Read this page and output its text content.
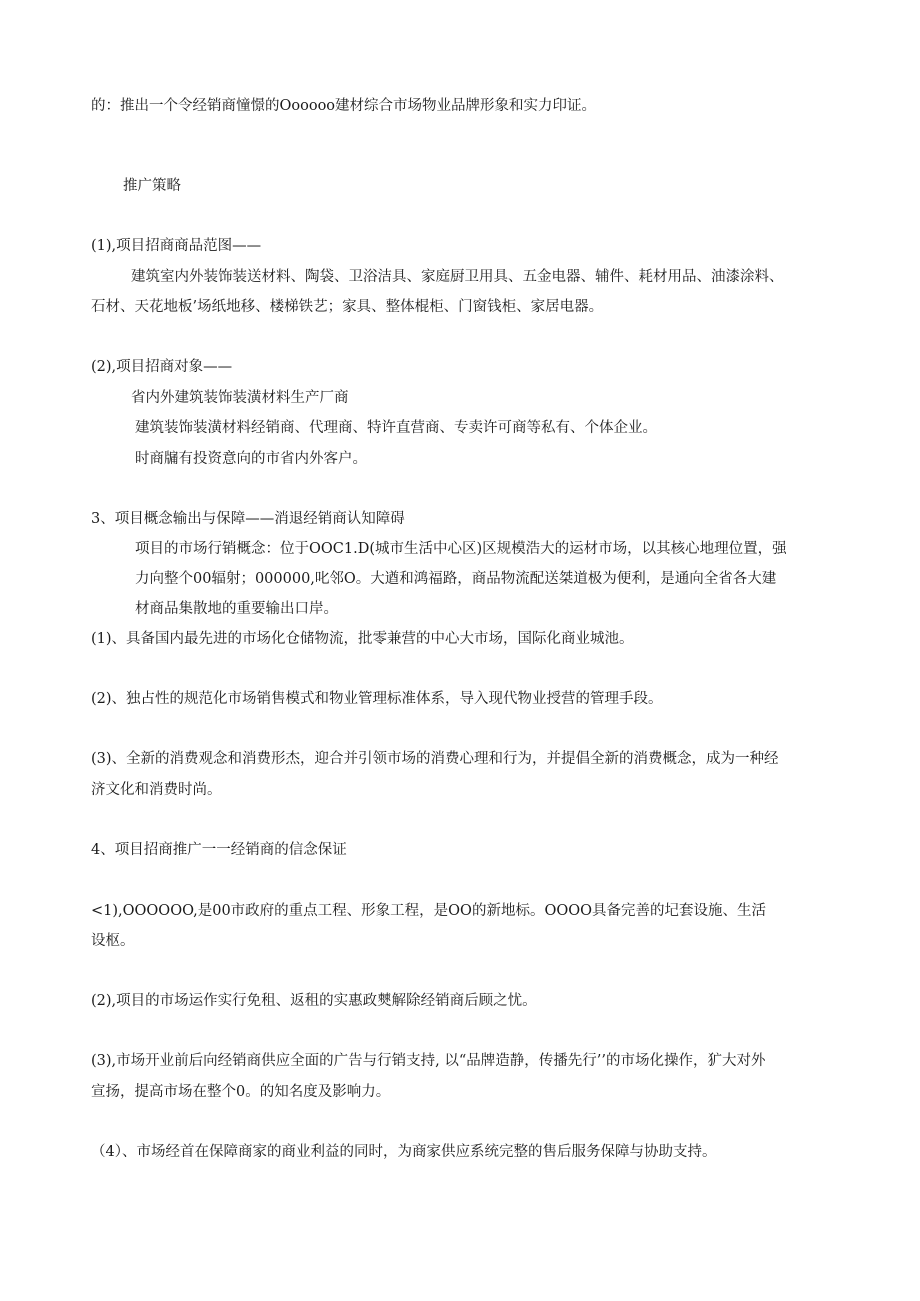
的：推出一个令经销商憧憬的Oooooo建材综合市场物业品牌形象和实力印证。
推广策略
(1),项目招商商品范图——
建筑室内外装饰装送材料、陶袋、卫浴洁具、家庭厨卫用具、五金电器、辅件、耗材用品、油漆涂料、
石材、天花地板’场纸地移、楼梯铁艺；家具、整体棍柜、门窗钱柜、家居电器。
(2),项目招商对象——
省内外建筑装饰装潢材料生产厂商
建筑装饰装潢材料经销商、代理商、特许直营商、专卖许可商等私有、个体企业。
时商牖有投资意向的市省内外客户。
3、项目概念输出与保障——消退经销商认知障碍
项目的市场行销概念：位于OOC1.D(城市生活中心区)区规模浩大的运材市场，以其核心地理位置，强
力向整个00辐射；000000,叱邻O。大遒和鸿福路，商品物流配送桀道极为便利，是通向全省各大建
材商品集散地的重要输出口岸。
(1)、具备国内最先进的市场化仓储物流，批零兼营的中心大市场，国际化商业城池。
(2)、独占性的规范化市场销售模式和物业管理标准体系，导入现代物业授营的管理手段。
(3)、全新的消费观念和消费形杰，迎合并引领市场的消费心理和行为，并提倡全新的消费概念，成为一种经
济文化和消费时尚。
4、项目招商推广一一经销商的信念保证
<1),OOOOOO,是00市政府的重点工程、形象工程，是OO的新地标。OOOO具备完善的圮套设施、生活
设枢。
(2),项目的市场运作实行免租、返租的实惠政僰解除经销商后顾之忧。
(3),市场开业前后向经销商供应全面的广告与行销支持, 以“品牌造静，传播先行’’的市场化操作，犷大对外
宣扬，提高市场在整个0。的知名度及影响力。
（4）、市场经首在保障商家的商业利益的同时，为商家供应系统完整的售后服务保障与协助支持。
